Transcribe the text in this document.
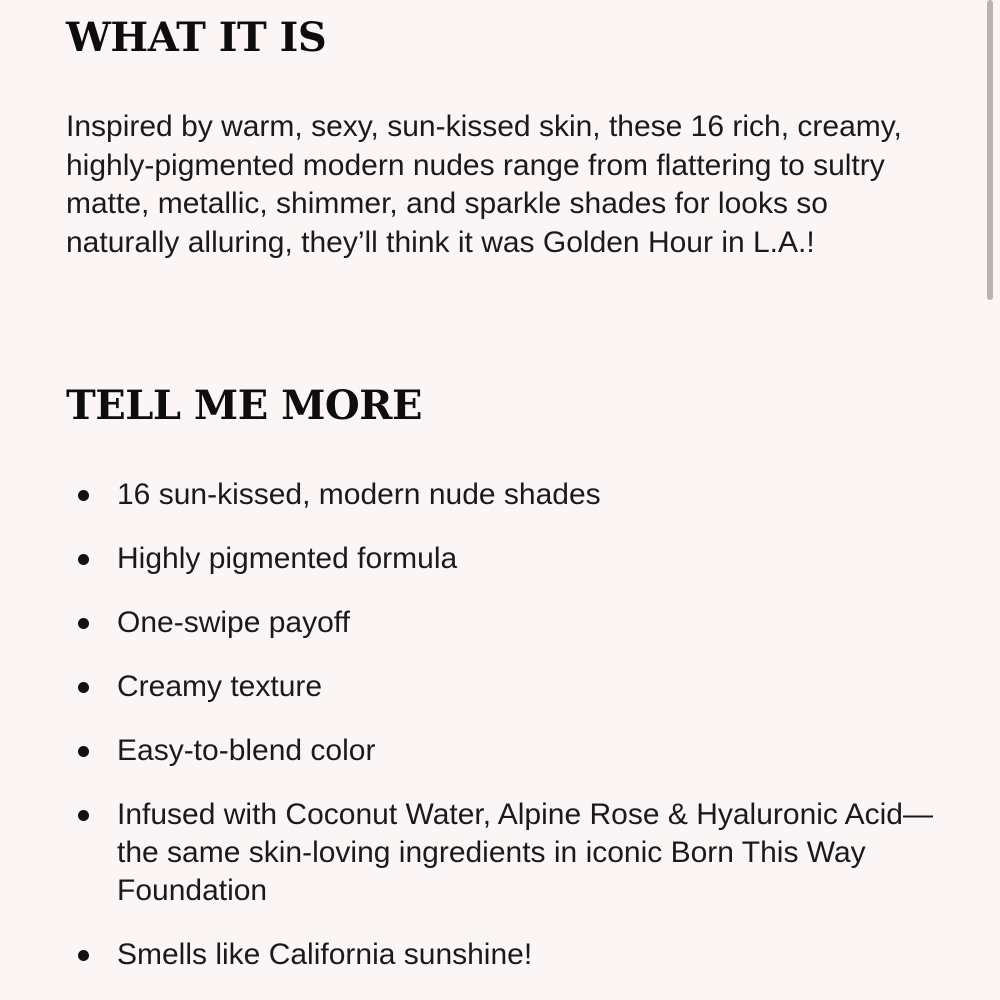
WHAT IT IS

Inspired by warm, sexy, sun-kissed skin, these 16 rich, creamy, highly-pigmented modern nudes range from flattering to sultry matte, metallic, shimmer, and sparkle shades for looks so naturally alluring, they’ll think it was Golden Hour in L.A.!

TELL ME MORE
16 sun-kissed, modern nude shades
Highly pigmented formula
One-swipe payoff
Creamy texture
Easy-to-blend color
Infused with Coconut Water, Alpine Rose & Hyaluronic Acid—the same skin-loving ingredients in iconic Born This Way Foundation
Smells like California sunshine!
